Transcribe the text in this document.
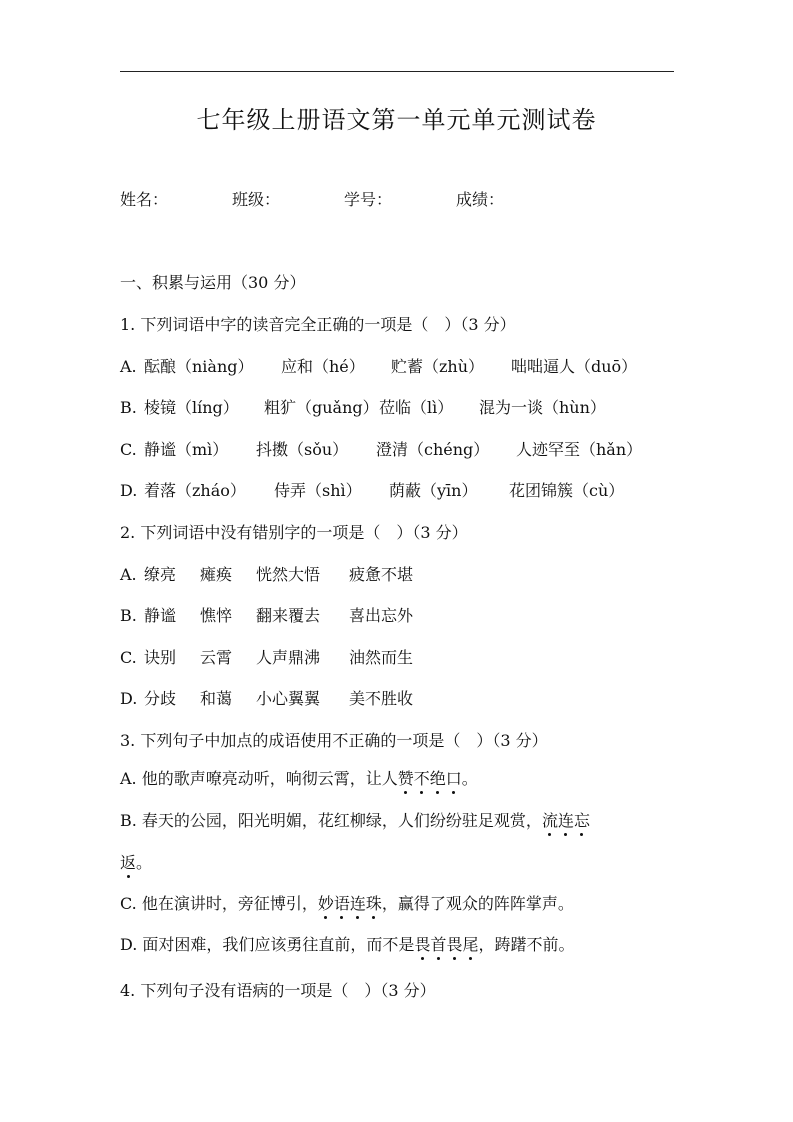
七年级上册语文第一单元单元测试卷
姓名：	班级：	学号：	成绩：
一、积累与运用（30 分）
1. 下列词语中字的读音完全正确的一项是（　）（3 分）
A. 酝酿（niàng） 应和（hé） 贮蓄（zhù） 咄咄逼人（duō）
B. 棱镜（líng） 粗犷（guǎng）莅临（lì） 混为一谈（hùn）
C. 静谧（mì） 抖擞（sǒu） 澄清（chéng） 人迹罕至（hǎn）
D. 着落（zháo） 侍弄（shì） 荫蔽（yīn） 花团锦簇（cù）
2. 下列词语中没有错别字的一项是（　）（3 分）
A. 缭亮 瘫痪 恍然大悟 疲惫不堪
B. 静谧 憔悴 翻来覆去 喜出忘外
C. 诀别 云霄 人声鼎沸 油然而生
D. 分歧 和蔼 小心翼翼 美不胜收
3. 下列句子中加点的成语使用不正确的一项是（　）（3 分）
A. 他的歌声嘹亮动听，响彻云霄，让人赞不绝口。
B. 春天的公园，阳光明媚，花红柳绿，人们纷纷驻足观赏，流连忘
返。
C. 他在演讲时，旁征博引，妙语连珠，赢得了观众的阵阵掌声。
D. 面对困难，我们应该勇往直前，而不是畏首畏尾，踌躇不前。
4. 下列句子没有语病的一项是（　）（3 分）
